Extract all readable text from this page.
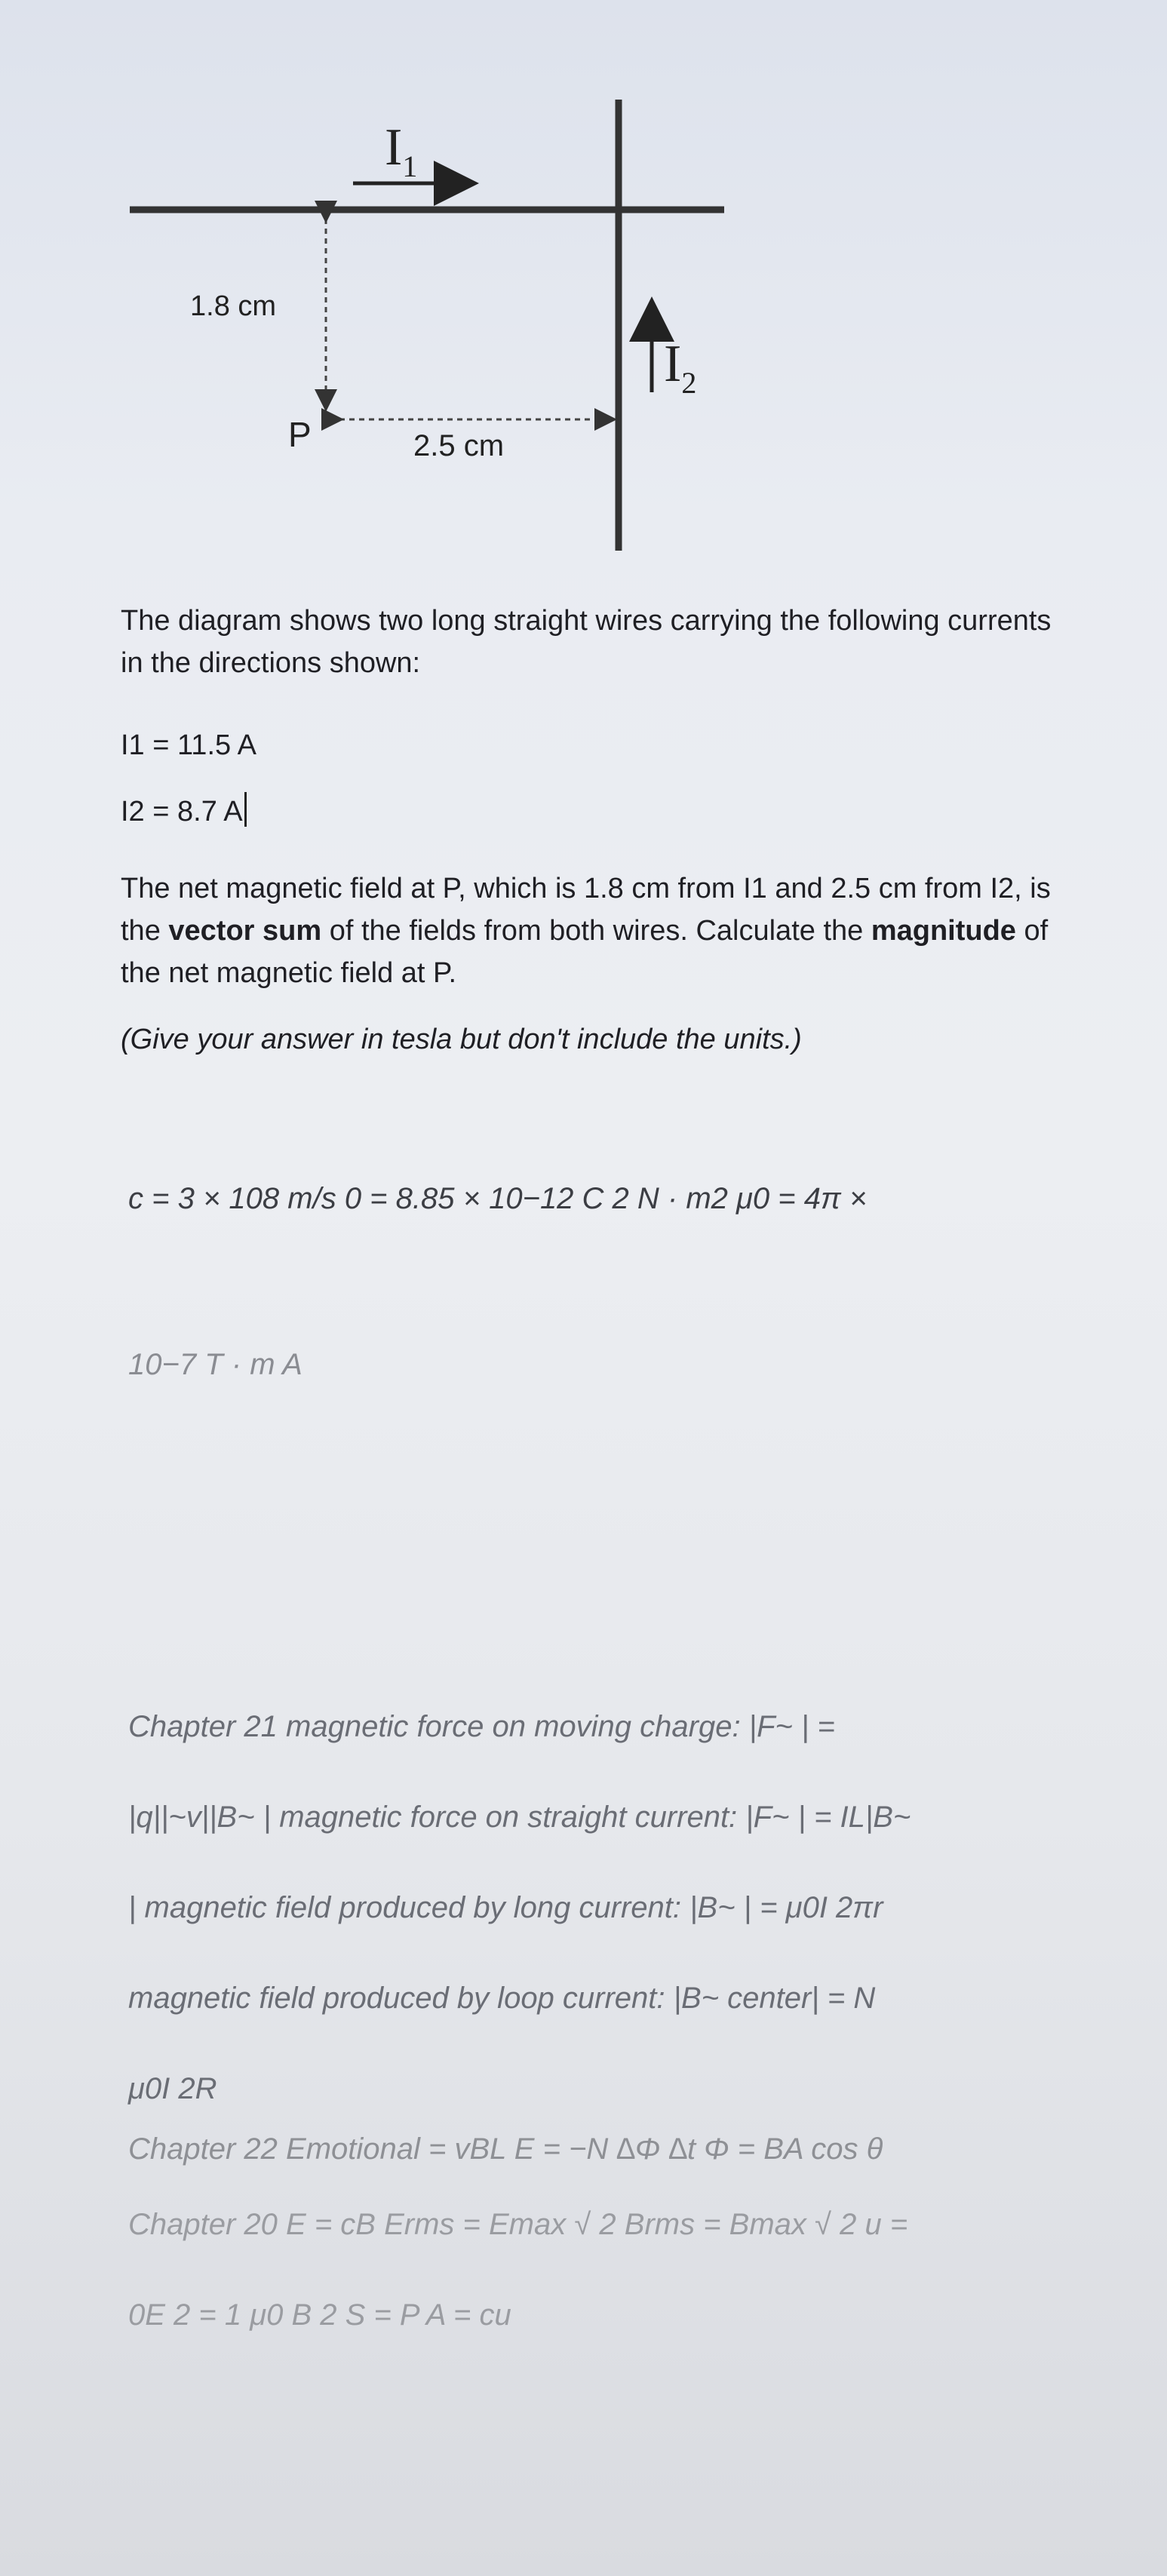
$I_1$
$I_2$
1.8 cm
2.5 cm
P
The diagram shows two long straight wires carrying the following currents in the directions shown:
I1 = 11.5 A
I2 = 8.7 A
The net magnetic field at P, which is 1.8 cm from I1 and 2.5 cm from I2, is the vector sum of the fields from both wires. Calculate the magnitude of the net magnetic field at P.
(Give your answer in tesla but don't include the units.)
c = 3 × 108 m/s 0 = 8.85 × 10−12 C 2 N · m2 μ0 = 4π ×
10−7 T · m A
Chapter 21 magnetic force on moving charge: |F~ | =
|q||~v||B~ | magnetic force on straight current: |F~ | = IL|B~
| magnetic field produced by long current: |B~ | = μ0I 2πr
magnetic field produced by loop current: |B~ center| = N
μ0I 2R
Chapter 22 Emotional = vBL E = −N ∆Φ ∆t Φ = BA cos θ
Chapter 20 E = cB Erms = Emax √ 2 Brms = Bmax √ 2 u =
0E 2 = 1 μ0 B 2 S = P A = cu
